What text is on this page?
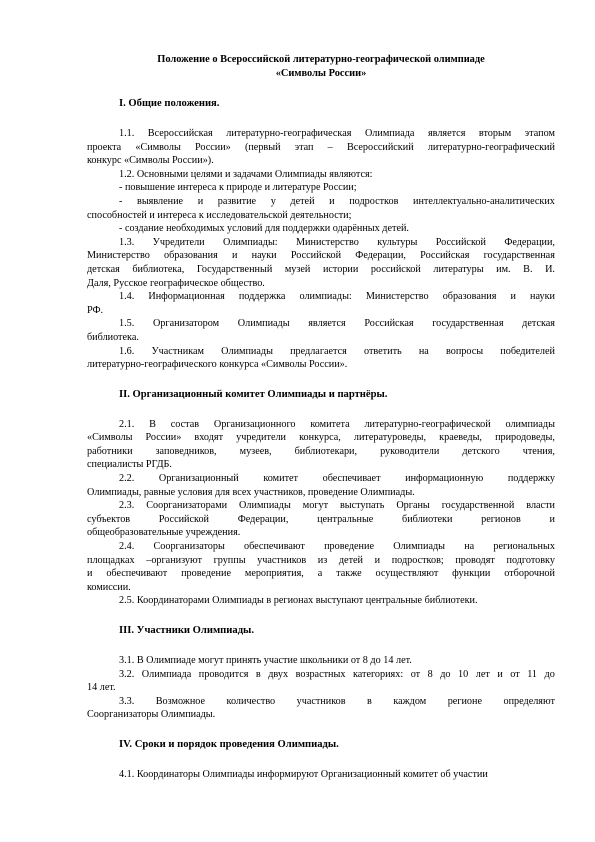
Положение о Всероссийской литературно-географической олимпиаде
«Символы России»
I. Общие положения.
1.1. Всероссийская литературно-географическая Олимпиада является вторым этапом
проекта «Символы России» (первый этап – Всероссийский литературно-географический
конкурс «Символы России»).
1.2. Основными целями и задачами Олимпиады являются:
- повышение интереса к природе и литературе России;
- выявление и развитие у детей и подростков интеллектуально-аналитических
способностей и интереса к исследовательской деятельности;
- создание необходимых условий для поддержки одарённых детей.
1.3. Учредители Олимпиады: Министерство культуры Российской Федерации,
Министерство образования и науки Российской Федерации, Российская государственная
детская библиотека, Государственный музей истории российской литературы им. В. И.
Даля, Русское географическое общество.
1.4. Информационная поддержка олимпиады: Министерство образования и науки
РФ.
1.5. Организатором Олимпиады является Российская государственная детская
библиотека.
1.6. Участникам Олимпиады предлагается ответить на вопросы победителей
литературно-географического конкурса «Символы России».
II. Организационный комитет Олимпиады и партнёры.
2.1. В состав Организационного комитета литературно-географической олимпиады
«Символы России» входят учредители конкурса, литературоведы, краеведы, природоведы,
работники заповедников, музеев, библиотекари, руководители детского чтения,
специалисты РГДБ.
2.2. Организационный комитет обеспечивает информационную поддержку
Олимпиады, равные условия для всех участников, проведение Олимпиады.
2.3. Соорганизаторами Олимпиады могут выступать Органы государственной власти
субъектов	Российской	Федерации,	центральные	библиотеки	регионов	и
общеобразовательные учреждения.
2.4. Соорганизаторы обеспечивают проведение Олимпиады на региональных
площадках –организуют группы участников из детей и подростков; проводят подготовку
и обеспечивают проведение мероприятия, а также осуществляют функции отборочной
комиссии.
2.5. Координаторами Олимпиады в регионах выступают центральные библиотеки.
III. Участники Олимпиады.
3.1. В Олимпиаде могут принять участие школьники от 8 до 14 лет.
3.2. Олимпиада проводится в двух возрастных категориях: от 8 до 10 лет и от 11 до
14 лет.
3.3. Возможное количество участников в каждом регионе определяют
Соорганизаторы Олимпиады.
IV. Сроки и порядок проведения Олимпиады.
4.1. Координаторы Олимпиады информируют Организационный комитет об участии
